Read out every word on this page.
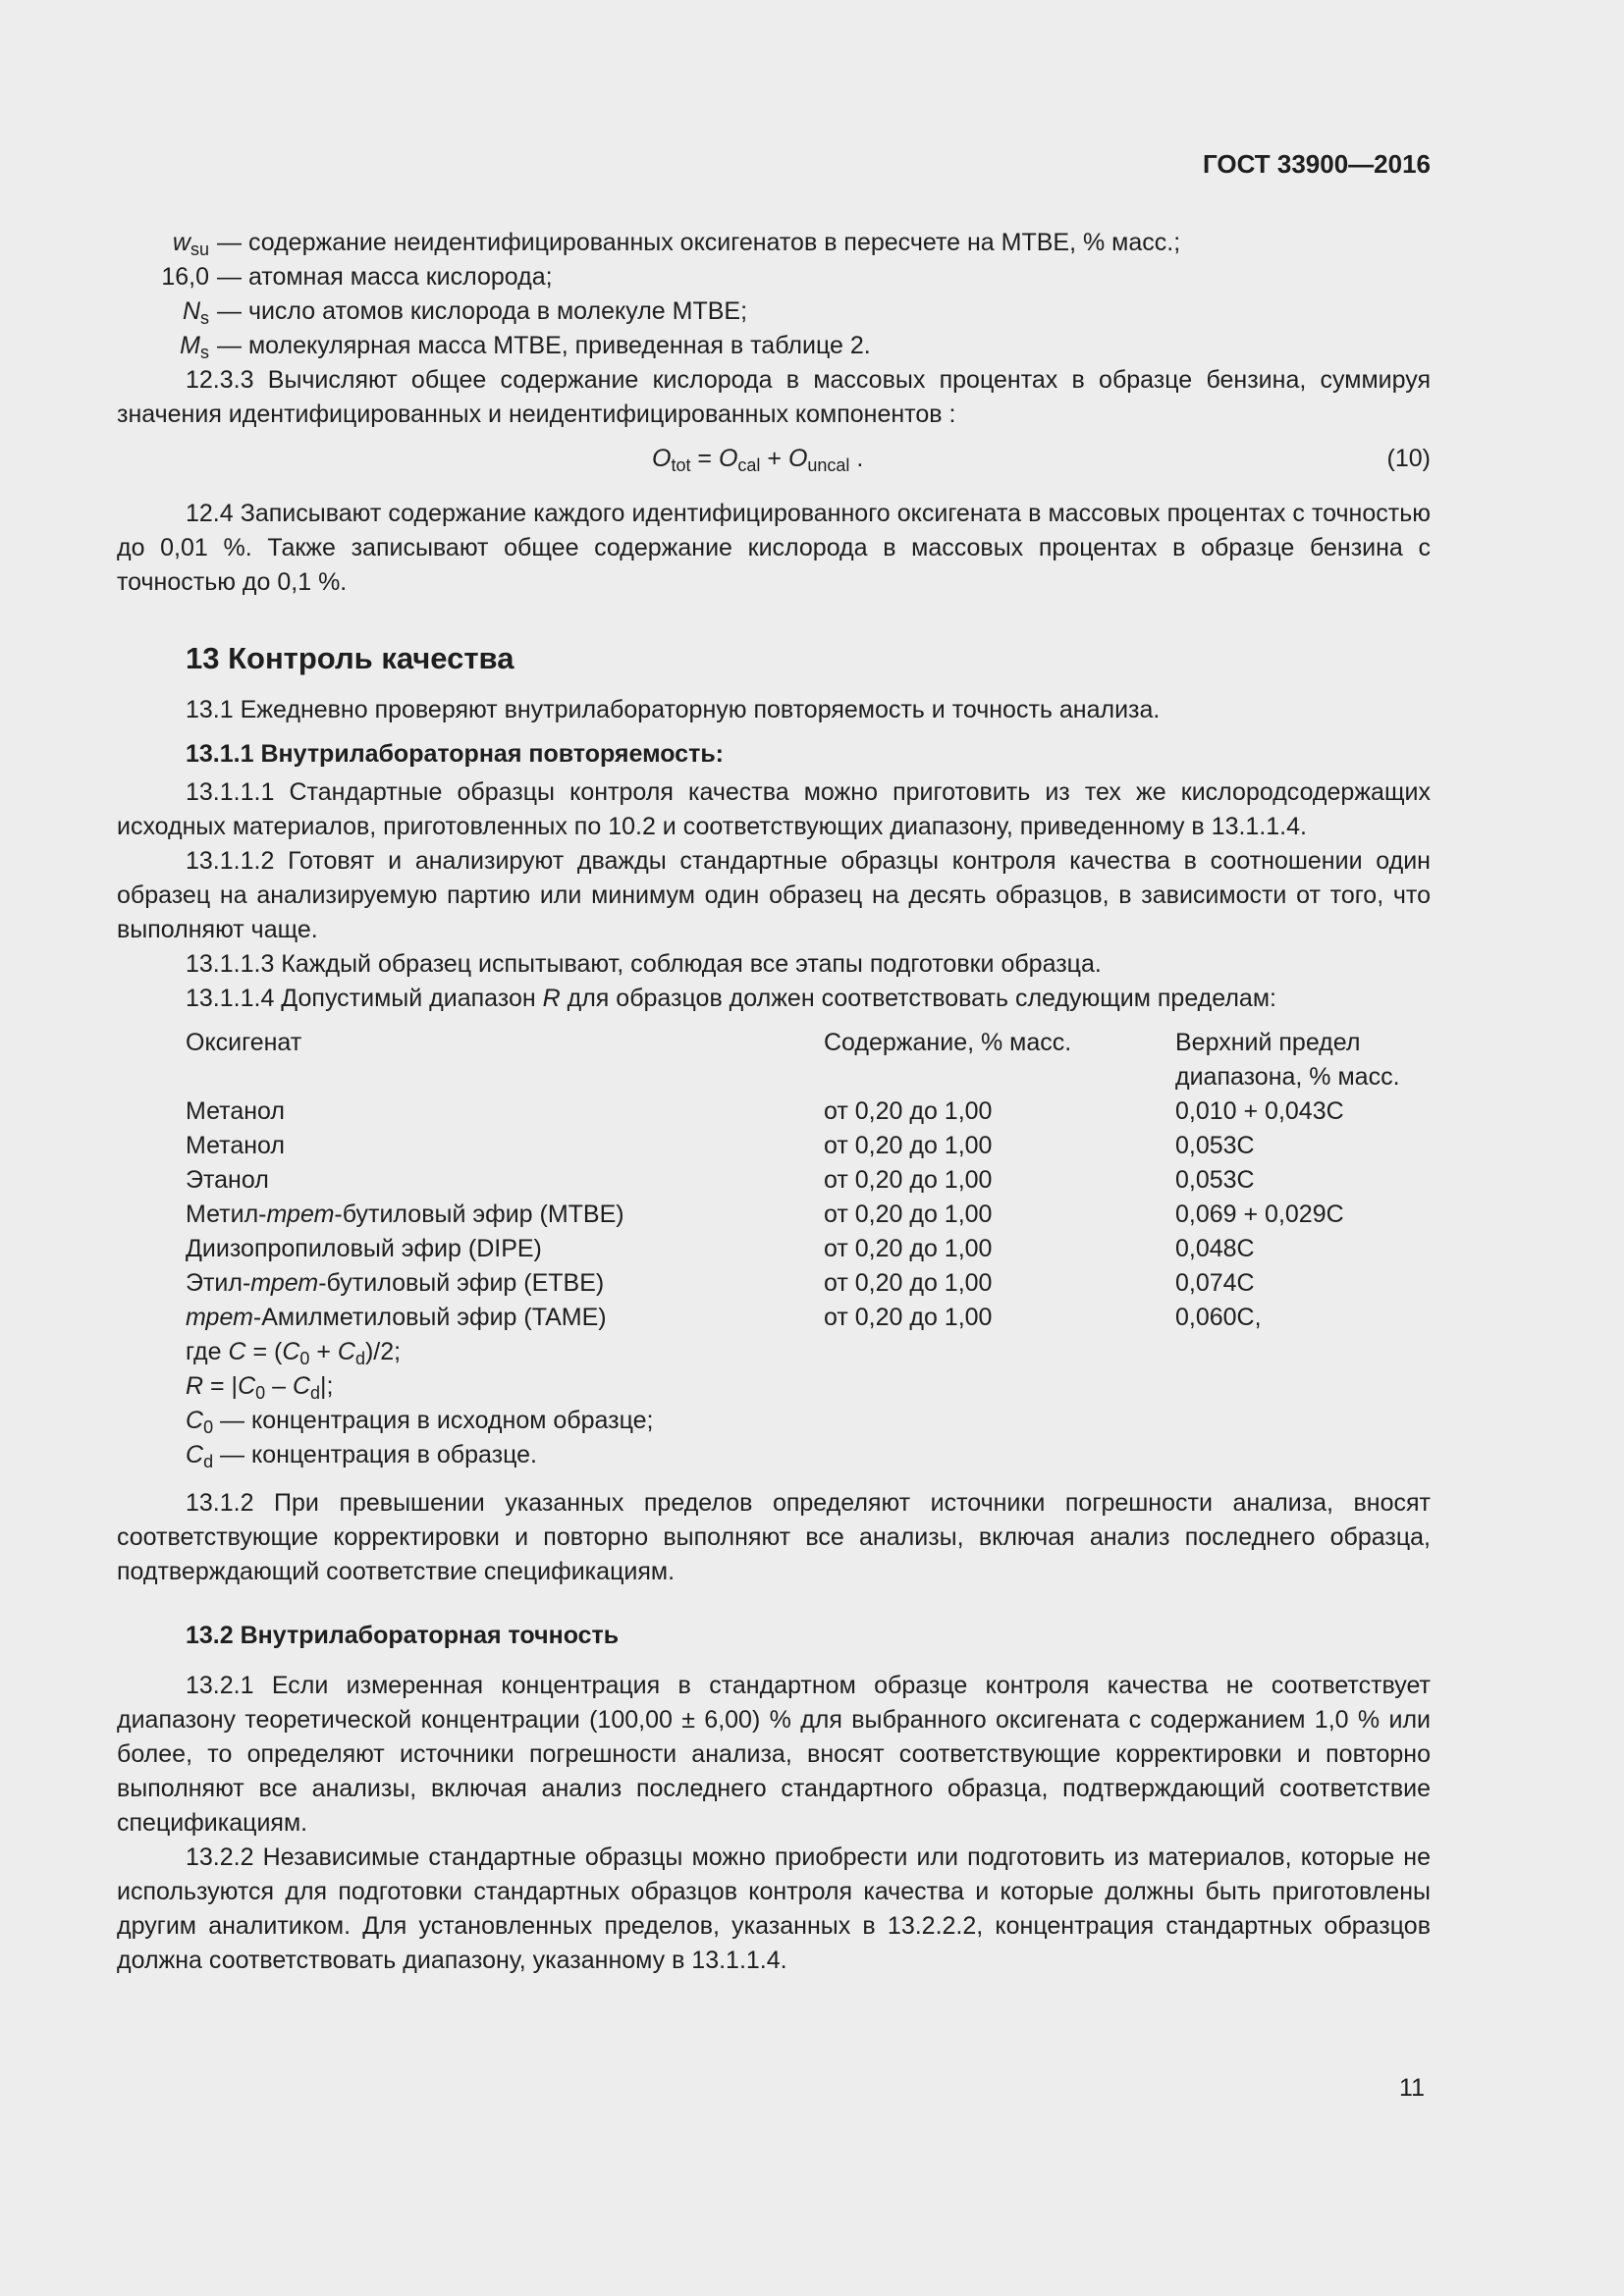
ГОСТ 33900—2016
$w_{su}$ — содержание неидентифицированных оксигенатов в пересчете на МТВЕ, % масс.;
16,0 — атомная масса кислорода;
$N_s$ — число атомов кислорода в молекуле МТВЕ;
$M_s$ — молекулярная масса МТВЕ, приведенная в таблице 2.

12.3.3 Вычисляют общее содержание кислорода в массовых процентах в образце бензина, суммируя значения идентифицированных и неидентифицированных компонентов :

$O_{tot} = O_{cal} + O_{uncal}$ .	(10)

12.4 Записывают содержание каждого идентифицированного оксигената в массовых процентах с точностью до 0,01 %. Также записывают общее содержание кислорода в массовых процентах в образце бензина с точностью до 0,1 %.

13 Контроль качества

13.1 Ежедневно проверяют внутрилабораторную повторяемость и точность анализа.

13.1.1 Внутрилабораторная повторяемость:

13.1.1.1 Стандартные образцы контроля качества можно приготовить из тех же кислородсодержащих исходных материалов, приготовленных по 10.2 и соответствующих диапазону, приведенному в 13.1.1.4.

13.1.1.2 Готовят и анализируют дважды стандартные образцы контроля качества в соотношении один образец на анализируемую партию или минимум один образец на десять образцов, в зависимости от того, что выполняют чаще.

13.1.1.3 Каждый образец испытывают, соблюдая все этапы подготовки образца.

13.1.1.4 Допустимый диапазон R для образцов должен соответствовать следующим пределам:

Оксигенат	Содержание, % масс.	Верхний предел
диапазона, % масс.
Метанол	от 0,20 до 1,00	0,010 + 0,043C
Метанол	от 0,20 до 1,00	0,053C
Этанол	от 0,20 до 1,00	0,053C
Метил-трет-бутиловый эфир (МТВЕ)	от 0,20 до 1,00	0,069 + 0,029C
Диизопропиловый эфир (DIPE)	от 0,20 до 1,00	0,048C
Этил-трет-бутиловый эфир (ЕТВЕ)	от 0,20 до 1,00	0,074C
трет-Амилметиловый эфир (TAME)	от 0,20 до 1,00	0,060C,
где $C = (C_0 + C_d)/2$;
$R = |C_0 - C_d|$;
$C_0$ — концентрация в исходном образце;
$C_d$ — концентрация в образце.

13.1.2 При превышении указанных пределов определяют источники погрешности анализа, вносят соответствующие корректировки и повторно выполняют все анализы, включая анализ последнего образца, подтверждающий соответствие спецификациям.

13.2 Внутрилабораторная точность

13.2.1 Если измеренная концентрация в стандартном образце контроля качества не соответствует диапазону теоретической концентрации (100,00 ± 6,00) % для выбранного оксигената с содержанием 1,0 % или более, то определяют источники погрешности анализа, вносят соответствующие корректировки и повторно выполняют все анализы, включая анализ последнего стандартного образца, подтверждающий соответствие спецификациям.

13.2.2 Независимые стандартные образцы можно приобрести или подготовить из материалов, которые не используются для подготовки стандартных образцов контроля качества и которые должны быть приготовлены другим аналитиком. Для установленных пределов, указанных в 13.2.2.2, концентрация стандартных образцов должна соответствовать диапазону, указанному в 13.1.1.4.

11
